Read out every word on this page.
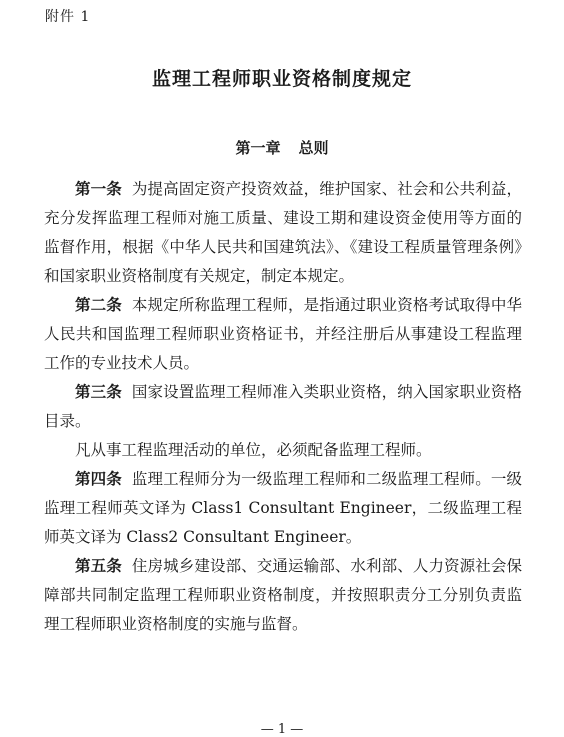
附件 1
监理工程师职业资格制度规定
第一章 总则

第一条 为提高固定资产投资效益，维护国家、社会和公共利益，充分发挥监理工程师对施工质量、建设工期和建设资金使用等方面的监督作用，根据《中华人民共和国建筑法》、《建设工程质量管理条例》和国家职业资格制度有关规定，制定本规定。

第二条 本规定所称监理工程师，是指通过职业资格考试取得中华人民共和国监理工程师职业资格证书，并经注册后从事建设工程监理工作的专业技术人员。

第三条 国家设置监理工程师准入类职业资格，纳入国家职业资格目录。

凡从事工程监理活动的单位，必须配备监理工程师。

第四条 监理工程师分为一级监理工程师和二级监理工程师。一级监理工程师英文译为 Class1 Consultant Engineer，二级监理工程师英文译为 Class2 Consultant Engineer。

第五条 住房城乡建设部、交通运输部、水利部、人力资源社会保障部共同制定监理工程师职业资格制度，并按照职责分工分别负责监理工程师职业资格制度的实施与监督。

— 1 —
